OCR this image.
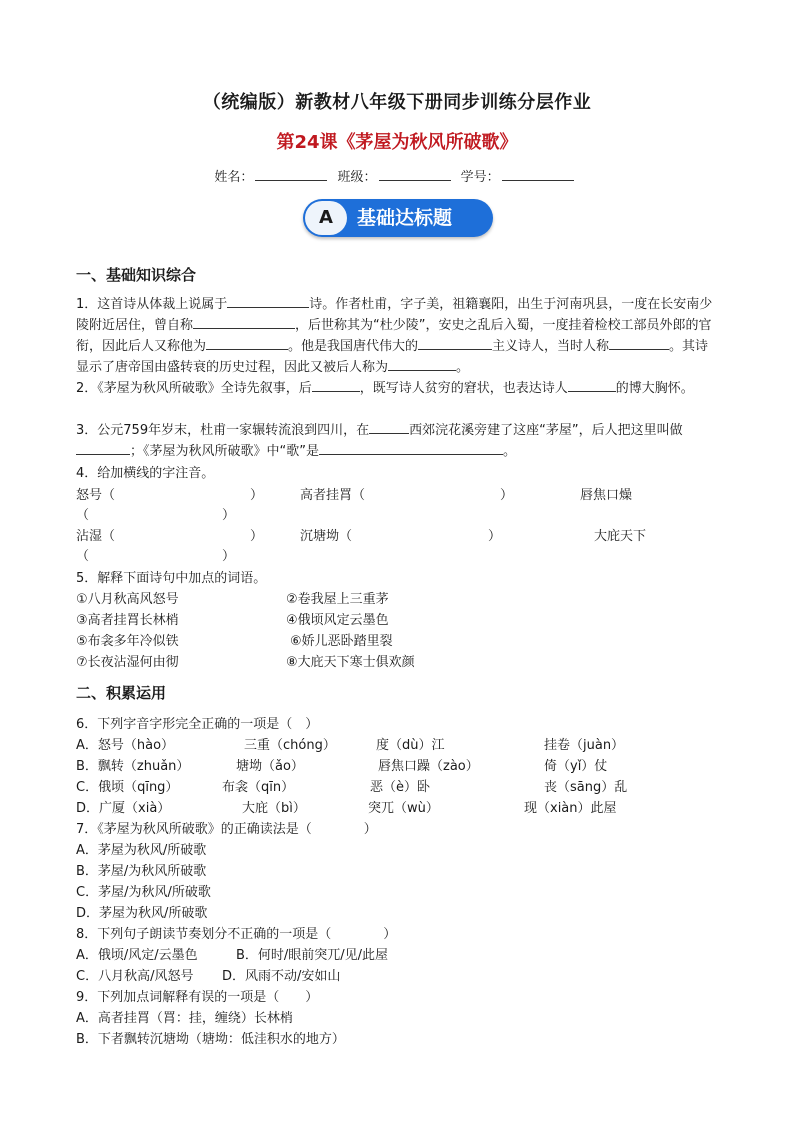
（统编版）新教材八年级下册同步训练分层作业
第24课《茅屋为秋风所破歌》
姓名：	班级：	学号：
A	基础达标题
一、基础知识综合
1．这首诗从体裁上说属于	诗。作者杜甫，字子美，祖籍襄阳，出生于河南巩县，一度在长安南少陵附近居住，曾自称	，后世称其为“杜少陵”，安史之乱后入蜀，一度挂着检校工部员外郎的官衔，因此后人又称他为	。他是我国唐代伟大的	主义诗人，当时人称	。其诗显示了唐帝国由盛转衰的历史过程，因此又被后人称为	。
2．《茅屋为秋风所破歌》全诗先叙事，后	，既写诗人贫穷的窘状，也表达诗人	的博大胸怀。
3．公元759年岁末，杜甫一家辗转流浪到四川，在	西郊浣花溪旁建了这座“茅屋”，后人把这里叫做；《茅屋为秋风所破歌》中“歌”是	。
4．给加横线的字注音。
怒号（	）	高者挂罥（	）	唇焦口燥
（	）
沾湿（	）	沉塘坳（	）	大庇天下
（	）
5．解释下面诗句中加点的词语。
①八月秋高风怒号	②卷我屋上三重茅
③高者挂罥长林梢	④俄顷风定云墨色
⑤布衾多年冷似铁	⑥娇儿恶卧踏里裂
⑦长夜沾湿何由彻	⑧大庇天下寒士俱欢颜
二、积累运用
6．下列字音字形完全正确的一项是（　）
A．怒号（hào）	三重（chóng）	度（dù）江	挂卷（juàn）
B．飘转（zhuǎn）	塘坳（ǎo）	唇焦口躁（zào）	倚（yǐ）仗
C．俄顷（qīng）	布衾（qīn）	恶（è）卧	丧（sāng）乱
D．广厦（xià）	大庇（bì）	突兀（wù）	现（xiàn）此屋
7．《茅屋为秋风所破歌》的正确读法是（　　　　）
A．茅屋为秋风/所破歌
B．茅屋/为秋风所破歌
C．茅屋/为秋风/所破歌
D．茅屋为秋风/所破歌
8．下列句子朗读节奏划分不正确的一项是（　　　　）
A．俄顷/风定/云墨色	B．何时/眼前突兀/见/此屋
C．八月秋高/风怒号 D．风雨不动/安如山
9．下列加点词解释有误的一项是（　　）
A．高者挂罥（罥：挂，缠绕）长林梢
B．下者飘转沉塘坳（塘坳：低洼积水的地方）
